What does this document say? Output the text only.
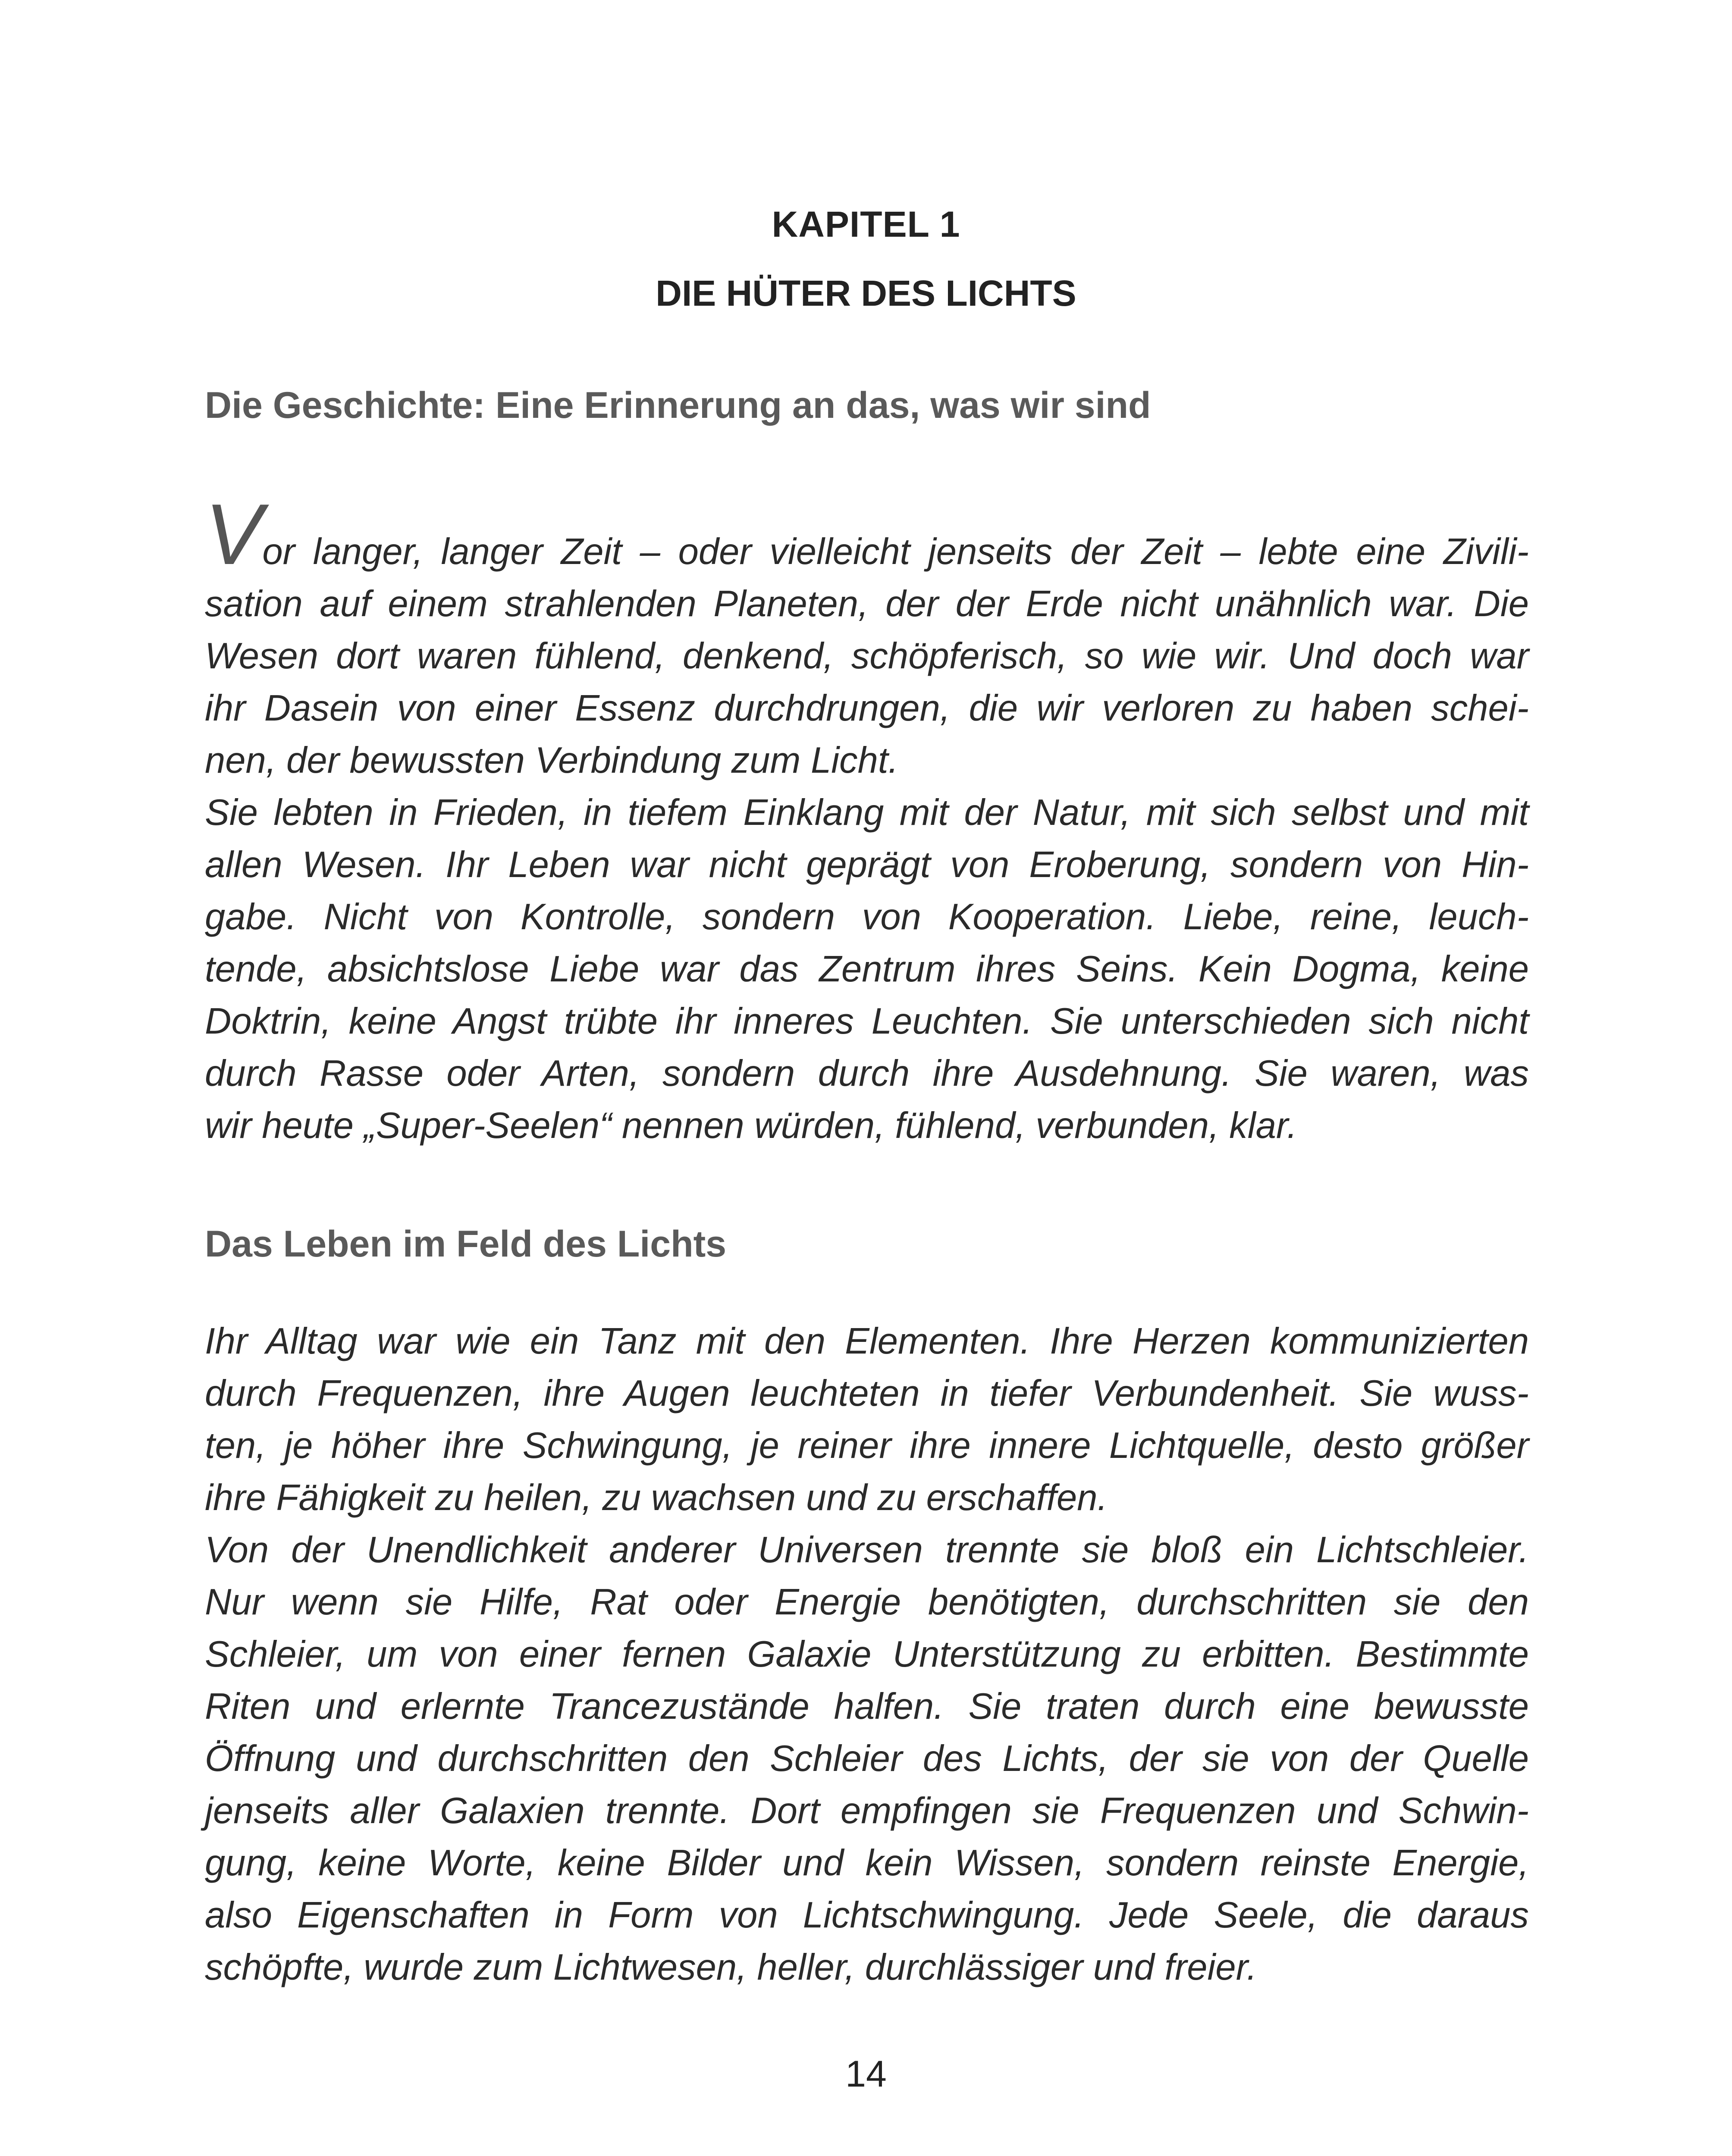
KAPITEL 1
DIE HÜTER DES LICHTS
Die Geschichte: Eine Erinnerung an das, was wir sind
Vor langer, langer Zeit – oder vielleicht jenseits der Zeit – lebte eine Zivili-
sation auf einem strahlenden Planeten, der der Erde nicht unähnlich war. Die
Wesen dort waren fühlend, denkend, schöpferisch, so wie wir. Und doch war
ihr Dasein von einer Essenz durchdrungen, die wir verloren zu haben schei-
nen, der bewussten Verbindung zum Licht.
Sie lebten in Frieden, in tiefem Einklang mit der Natur, mit sich selbst und mit
allen Wesen. Ihr Leben war nicht geprägt von Eroberung, sondern von Hin-
gabe. Nicht von Kontrolle, sondern von Kooperation. Liebe, reine, leuch-
tende, absichtslose Liebe war das Zentrum ihres Seins. Kein Dogma, keine
Doktrin, keine Angst trübte ihr inneres Leuchten. Sie unterschieden sich nicht
durch Rasse oder Arten, sondern durch ihre Ausdehnung. Sie waren, was
wir heute „Super-Seelen“ nennen würden, fühlend, verbunden, klar.
Das Leben im Feld des Lichts
Ihr Alltag war wie ein Tanz mit den Elementen. Ihre Herzen kommunizierten
durch Frequenzen, ihre Augen leuchteten in tiefer Verbundenheit. Sie wuss-
ten, je höher ihre Schwingung, je reiner ihre innere Lichtquelle, desto größer
ihre Fähigkeit zu heilen, zu wachsen und zu erschaffen.
Von der Unendlichkeit anderer Universen trennte sie bloß ein Lichtschleier.
Nur wenn sie Hilfe, Rat oder Energie benötigten, durchschritten sie den
Schleier, um von einer fernen Galaxie Unterstützung zu erbitten. Bestimmte
Riten und erlernte Trancezustände halfen. Sie traten durch eine bewusste
Öffnung und durchschritten den Schleier des Lichts, der sie von der Quelle
jenseits aller Galaxien trennte. Dort empfingen sie Frequenzen und Schwin-
gung, keine Worte, keine Bilder und kein Wissen, sondern reinste Energie,
also Eigenschaften in Form von Lichtschwingung. Jede Seele, die daraus
schöpfte, wurde zum Lichtwesen, heller, durchlässiger und freier.
14
